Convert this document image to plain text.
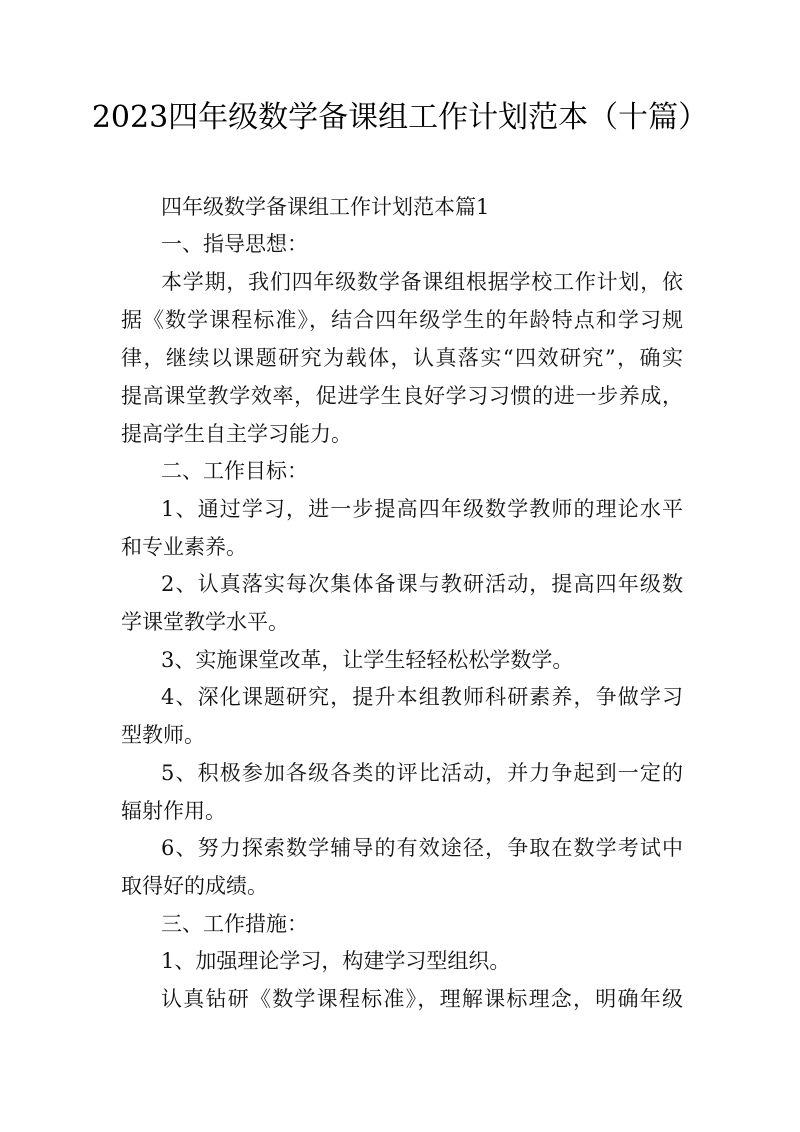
2023四年级数学备课组工作计划范本（十篇）
四年级数学备课组工作计划范本篇1
一、指导思想：
本学期，我们四年级数学备课组根据学校工作计划，依
据《数学课程标准》，结合四年级学生的年龄特点和学习规
律，继续以课题研究为载体，认真落实“四效研究”，确实
提高课堂教学效率，促进学生良好学习习惯的进一步养成，
提高学生自主学习能力。
二、工作目标：
1、通过学习，进一步提高四年级数学教师的理论水平
和专业素养。
2、认真落实每次集体备课与教研活动，提高四年级数
学课堂教学水平。
3、实施课堂改革，让学生轻轻松松学数学。
4、深化课题研究，提升本组教师科研素养，争做学习
型教师。
5、积极参加各级各类的评比活动，并力争起到一定的
辐射作用。
6、努力探索数学辅导的有效途径，争取在数学考试中
取得好的成绩。
三、工作措施：
1、加强理论学习，构建学习型组织。
认真钻研《数学课程标准》，理解课标理念，明确年级
